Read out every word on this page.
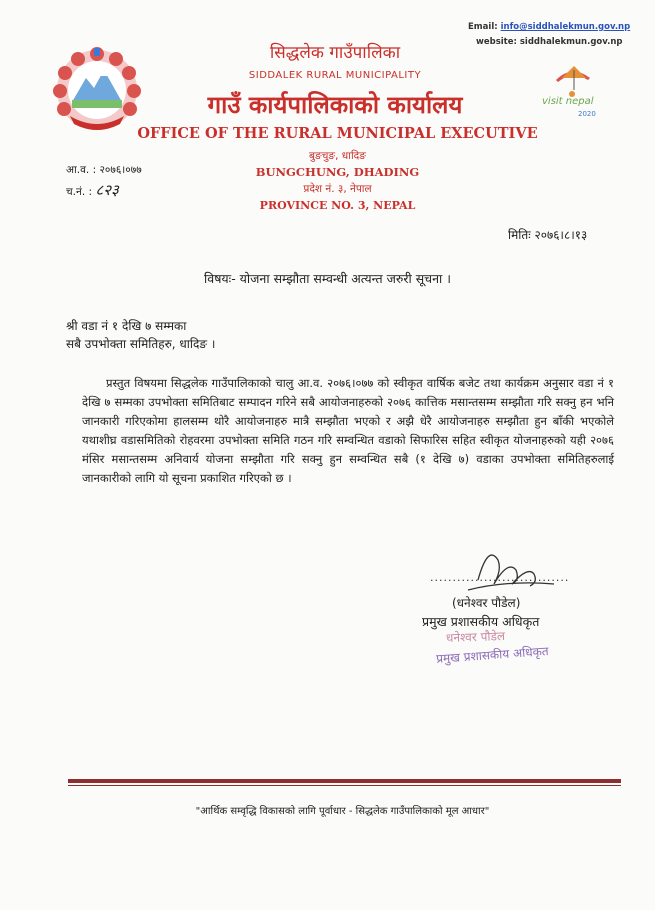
visit nepal
2020
Email: info@siddhalekmun.gov.np
website: siddhalekmun.gov.np
सिद्धलेक गाउँपालिका
SIDDALEK RURAL MUNICIPALITY
गाउँ कार्यपालिकाको कार्यालय
OFFICE OF THE RURAL MUNICIPAL EXECUTIVE
बुङचुङ, धादिङ
BUNGCHUNG, DHADING
प्रदेश नं. ३, नेपाल
PROVINCE NO. 3, NEPAL
आ.व. : २०७६।०७७
च.नं. : ८२३
मितिः २०७६।८।१३
विषयः- योजना सम्झौता सम्वन्धी अत्यन्त जरुरी सूचना ।
श्री वडा नं १ देखि ७ सम्मका
सबै उपभोक्ता समितिहरु, धादिङ ।
प्रस्तुत विषयमा सिद्धलेक गाउँपालिकाको चालु आ.व. २०७६।०७७ को स्वीकृत वार्षिक बजेट तथा कार्यक्रम अनुसार वडा नं १ देखि ७ सम्मका उपभोक्ता समितिबाट सम्पादन गरिने सबै आयोजनाहरुको २०७६ कात्तिक मसान्तसम्म सम्झौता गरि सक्नु हन भनि जानकारी गरिएकोमा हालसम्म थोरै आयोजनाहरु मात्रै सम्झौता भएको र अझै धेरै आयोजनाहरु सम्झौता हुन बाँकी भएकोले यथाशीघ्र वडासमितिको रोहवरमा उपभोक्ता समिति गठन गरि सम्वन्धित वडाको सिफारिस सहित स्वीकृत योजनाहरुको यही २०७६ मंसिर मसान्तसम्म अनिवार्य योजना सम्झौता गरि सक्नु हुन सम्वन्धित सबै (१ देखि ७) वडाका उपभोक्ता समितिहरुलाई जानकारीको लागि यो सूचना प्रकाशित गरिएको छ ।
...............................
(धनेश्वर पौडेल)
प्रमुख प्रशासकीय अधिकृत
धनेश्वर पौडेल
प्रमुख प्रशासकीय अधिकृत
"आर्थिक सम्वृद्धि विकासको लागि पूर्वाधार - सिद्धलेक गाउँपालिकाको मूल आधार"
